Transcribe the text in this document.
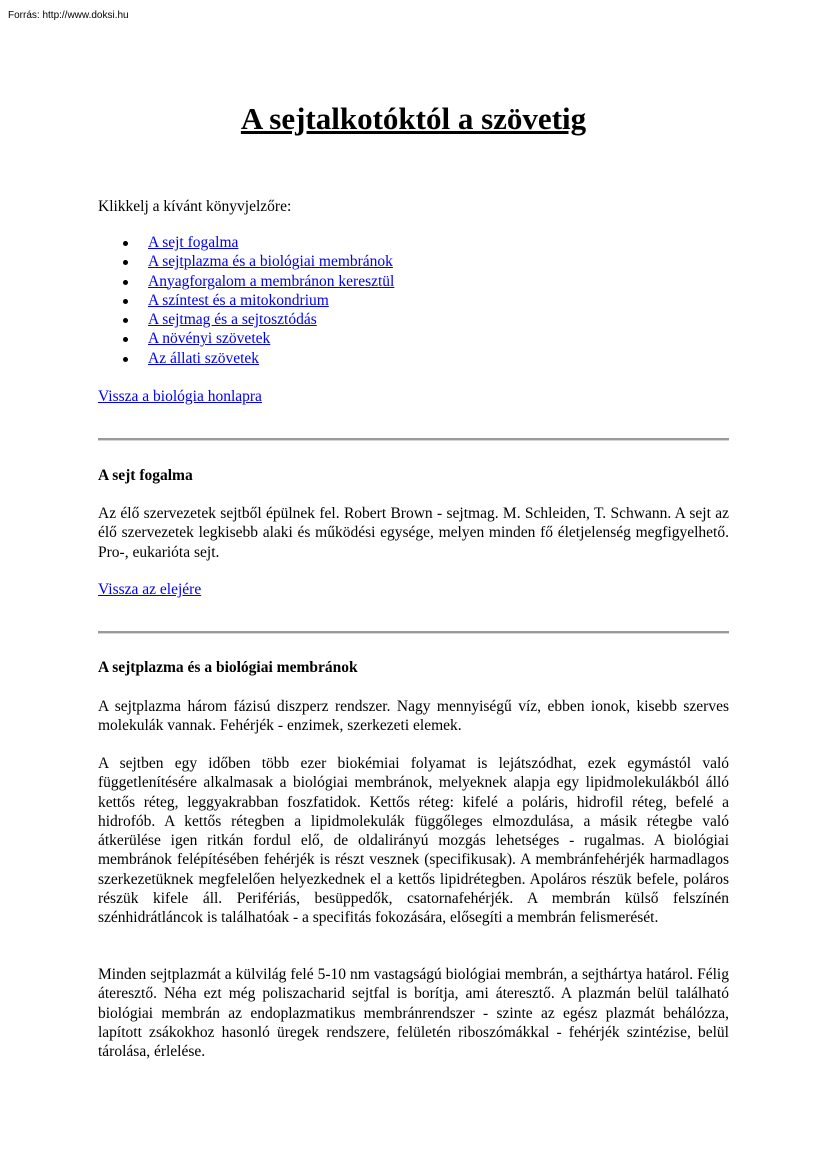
Forrás: http://www.doksi.hu
A sejtalkotóktól a szövetig

Klikkelj a kívánt könyvjelzőre:

A sejt fogalma
A sejtplazma és a biológiai membránok
Anyagforgalom a membránon keresztül
A színtest és a mitokondrium
A sejtmag és a sejtosztódás
A növényi szövetek
Az állati szövetek

Vissza a biológia honlapra

A sejt fogalma

Az élő szervezetek sejtből épülnek fel. Robert Brown - sejtmag. M. Schleiden, T. Schwann. A sejt az élő szervezetek legkisebb alaki és működési egysége, melyen minden fő életjelenség megfigyelhető. Pro-, eukarióta sejt.

Vissza az elejére

A sejtplazma és a biológiai membránok

A sejtplazma három fázisú diszperz rendszer. Nagy mennyiségű víz, ebben ionok, kisebb szerves molekulák vannak. Fehérjék - enzimek, szerkezeti elemek.

A sejtben egy időben több ezer biokémiai folyamat is lejátszódhat, ezek egymástól való függetlenítésére alkalmasak a biológiai membránok, melyeknek alapja egy lipidmolekulákból álló kettős réteg, leggyakrabban foszfatidok. Kettős réteg: kifelé a poláris, hidrofil réteg, befelé a hidrofób. A kettős rétegben a lipidmolekulák függőleges elmozdulása, a másik rétegbe való átkerülése igen ritkán fordul elő, de oldalirányú mozgás lehetséges - rugalmas. A biológiai membránok felépítésében fehérjék is részt vesznek (specifikusak). A membránfehérjék harmadlagos szerkezetüknek megfelelően helyezkednek el a kettős lipidrétegben. Apoláros részük befele, poláros részük kifele áll. Perifériás, besüppedők, csatornafehérjék. A membrán külső felszínén szénhidrátláncok is találhatóak - a specifitás fokozására, elősegíti a membrán felismerését.

Minden sejtplazmát a külvilág felé 5-10 nm vastagságú biológiai membrán, a sejthártya határol. Félig áteresztő. Néha ezt még poliszacharid sejtfal is borítja, ami áteresztő. A plazmán belül található biológiai membrán az endoplazmatikus membránrendszer - szinte az egész plazmát behálózza, lapított zsákokhoz hasonló üregek rendszere, felületén riboszómákkal - fehérjék szintézise, belül tárolása, érlelése.
